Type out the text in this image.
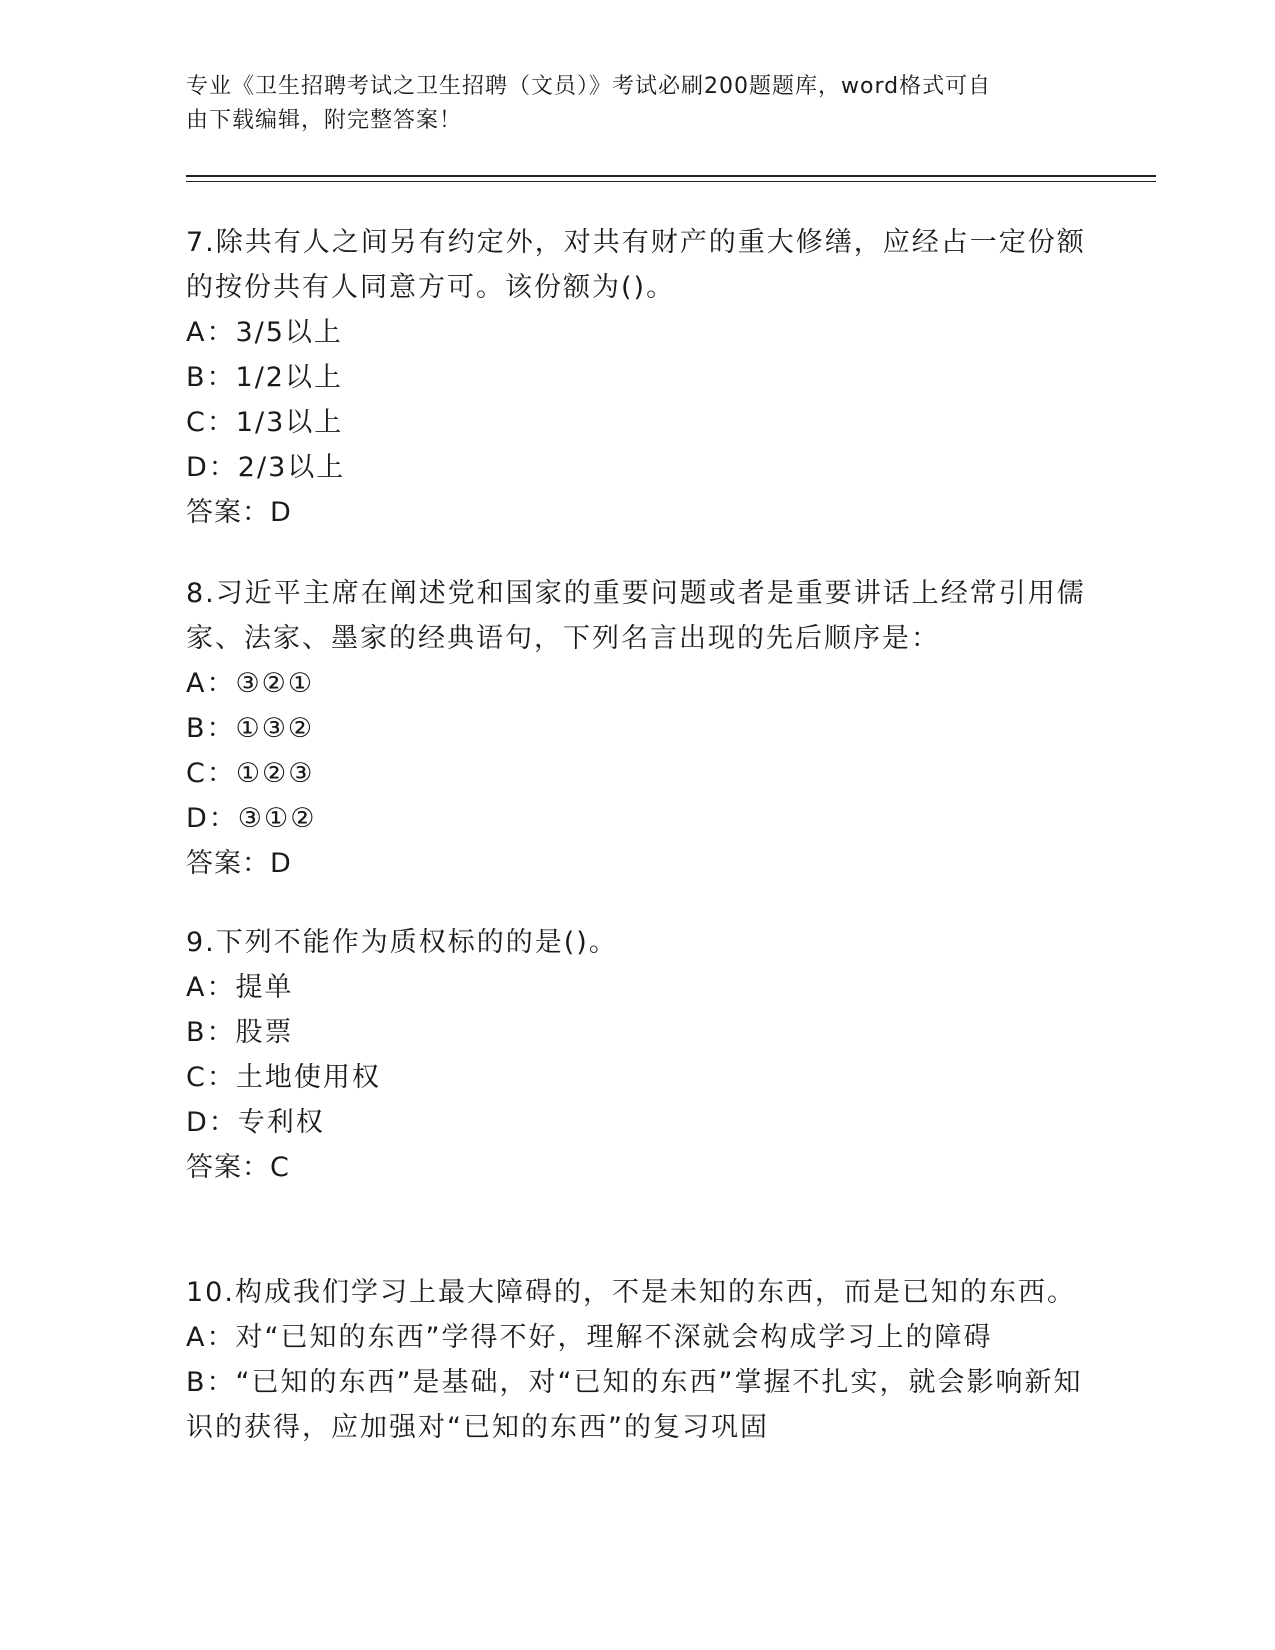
专业《卫生招聘考试之卫生招聘（文员）》考试必刷200题题库，word格式可自
由下载编辑，附完整答案！

7.除共有人之间另有约定外，对共有财产的重大修缮，应经占一定份额的按份共有人同意方可。该份额为()。

A：3/5以上

B：1/2以上

C：1/3以上

D：2/3以上

答案：D

8.习近平主席在阐述党和国家的重要问题或者是重要讲话上经常引用儒家、法家、墨家的经典语句，下列名言出现的先后顺序是：

A：③②①

B：①③②

C：①②③

D：③①②

答案：D

9.下列不能作为质权标的的是()。

A：提单

B：股票

C：土地使用权

D：专利权

答案：C

10.构成我们学习上最大障碍的，不是未知的东西，而是已知的东西。

A：对“已知的东西”学得不好，理解不深就会构成学习上的障碍

B：“已知的东西”是基础，对“已知的东西”掌握不扎实，就会影响新知识的获得，应加强对“已知的东西”的复习巩固
